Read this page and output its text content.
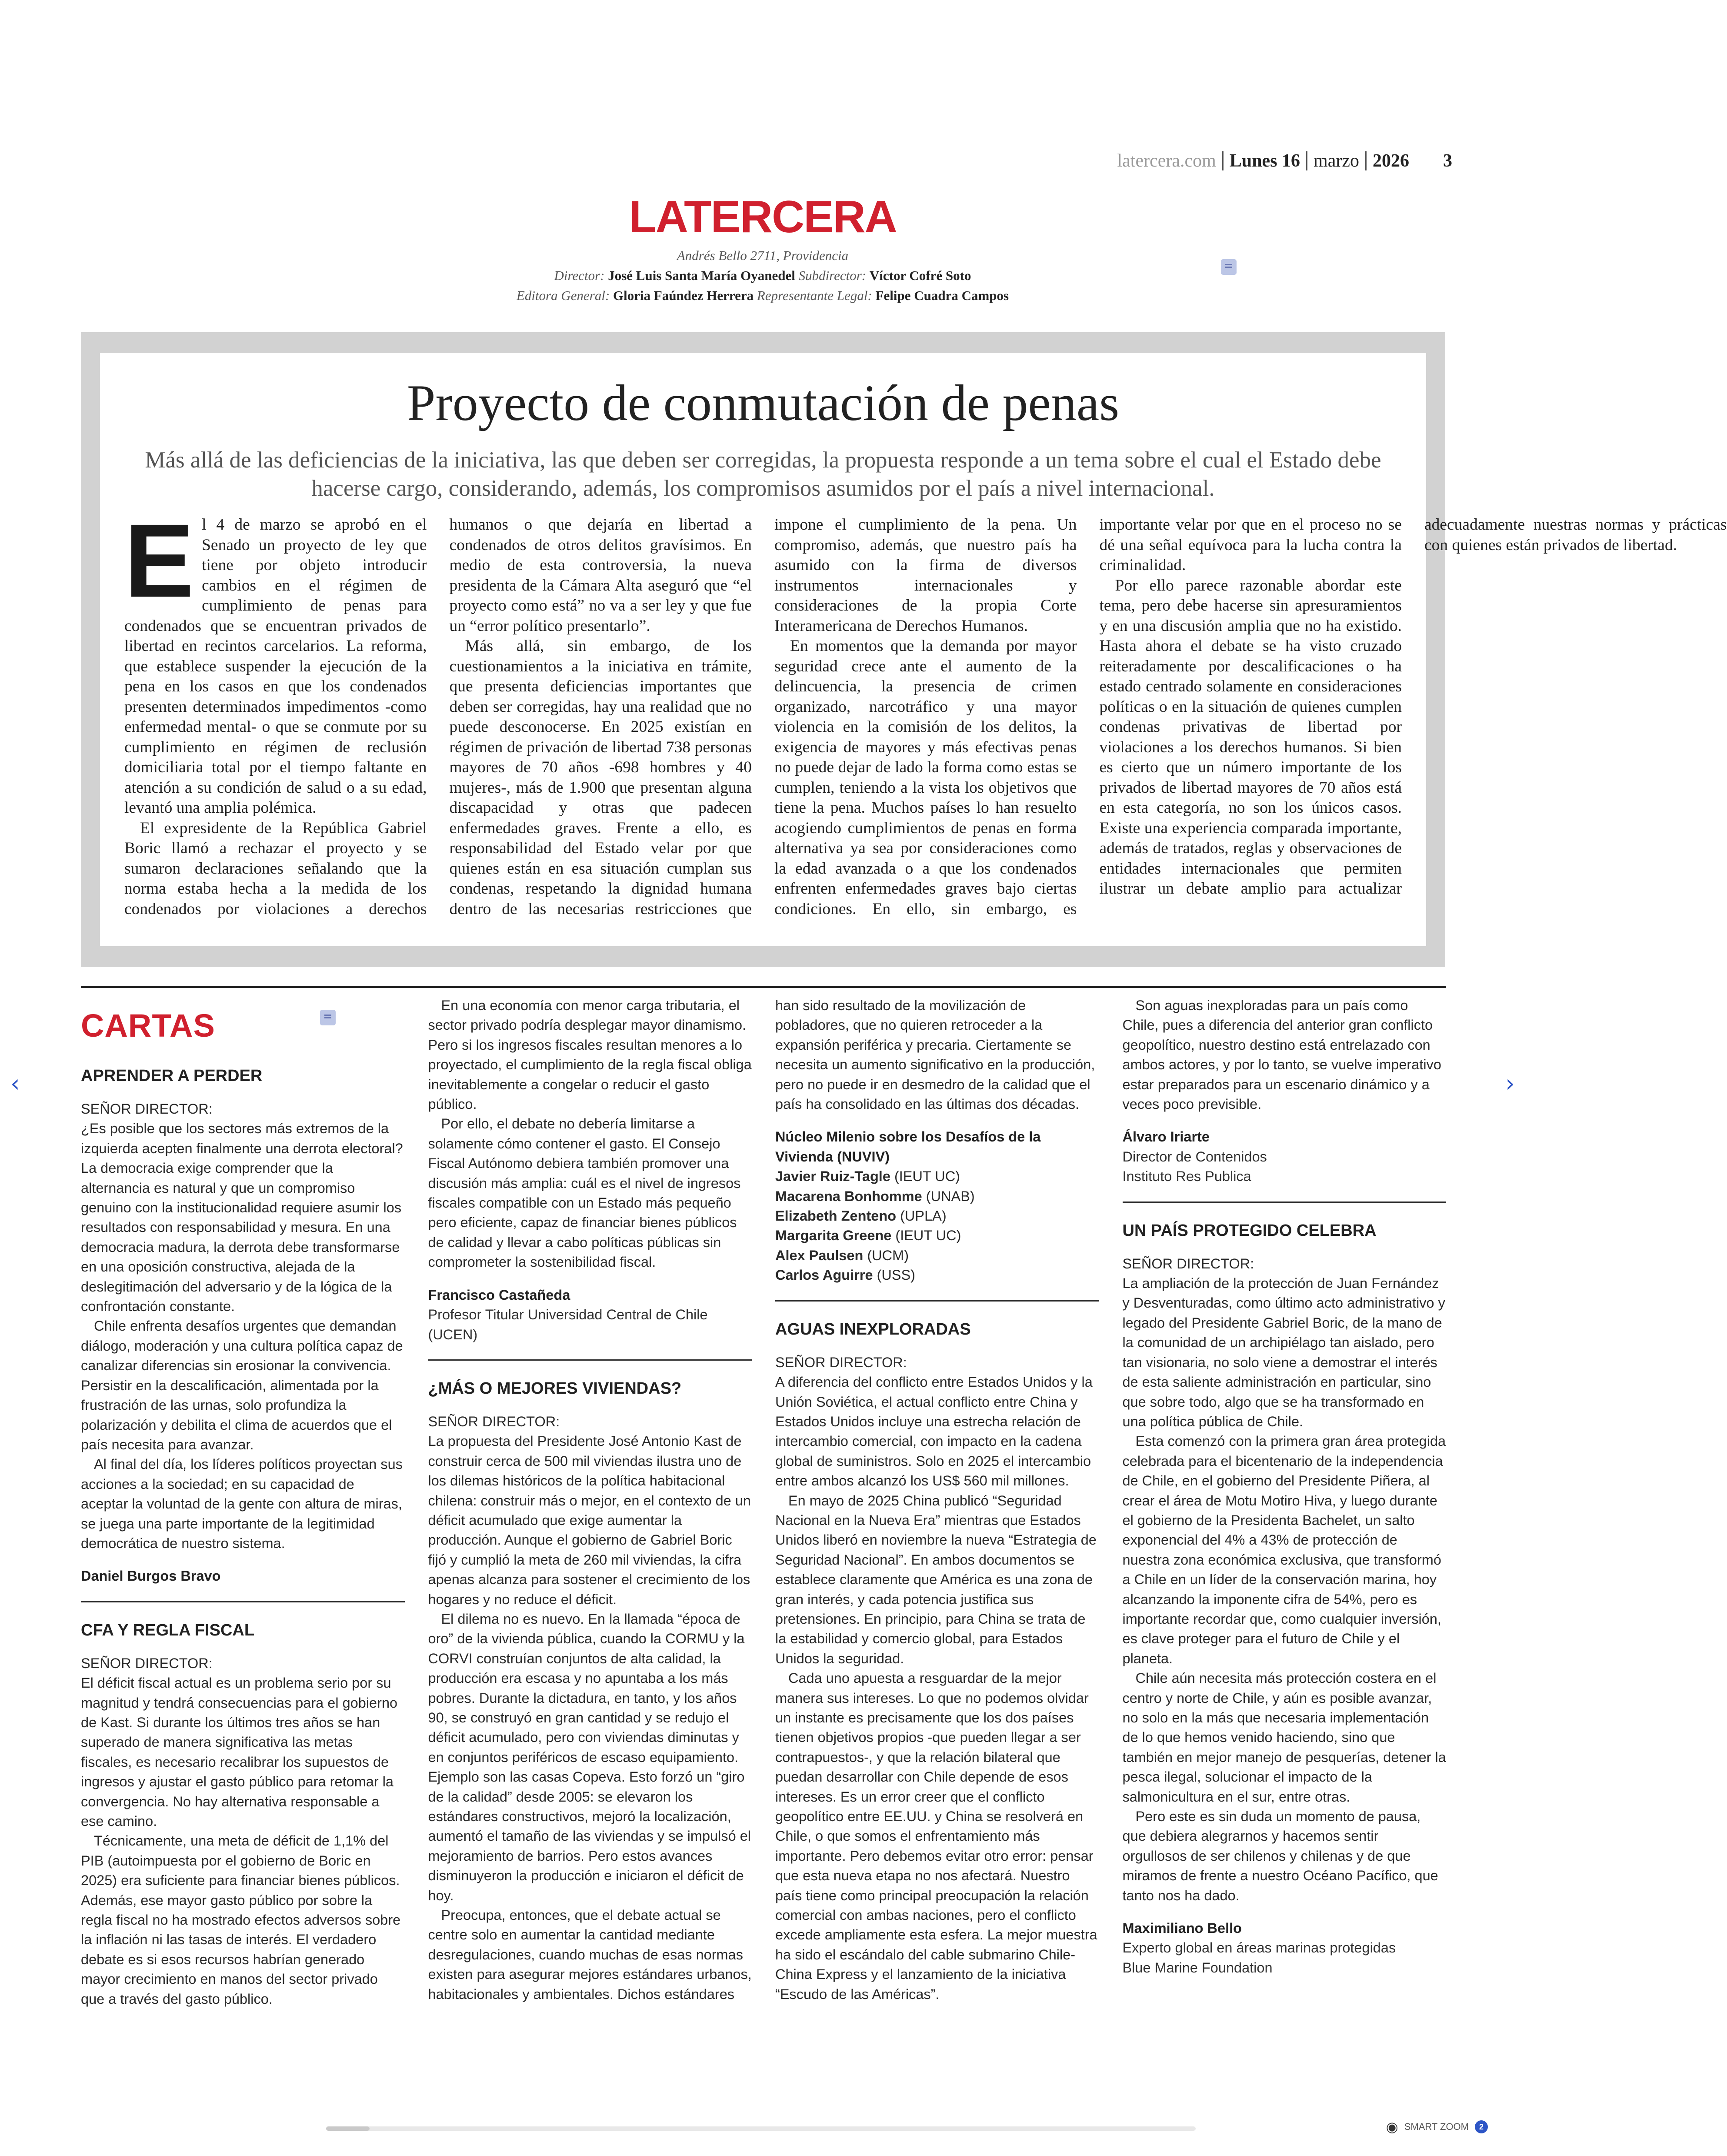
latercera.com Lunes 16 marzo 2026 3
LATERCERA
Andrés Bello 2711, Providencia
Director: José Luis Santa María Oyanedel Subdirector: Víctor Cofré Soto
Editora General: Gloria Faúndez Herrera Representante Legal: Felipe Cuadra Campos
Proyecto de conmutación de penas
Más allá de las deficiencias de la iniciativa, las que deben ser corregidas, la propuesta responde a un tema sobre el cual el Estado debe hacerse cargo, considerando, además, los compromisos asumidos por el país a nivel internacional.

El 4 de marzo se aprobó en el Senado un proyecto de ley que tiene por objeto introducir cambios en el régimen de cumplimiento de penas para condenados que se encuentran privados de libertad en recintos carcelarios. La reforma, que establece suspender la ejecución de la pena en los casos en que los condenados presenten determinados impedimentos -como enfermedad mental- o que se conmute por su cumplimiento en régimen de reclusión domiciliaria total por el tiempo faltante en atención a su condición de salud o a su edad, levantó una amplia polémica.

El expresidente de la República Gabriel Boric llamó a rechazar el proyecto y se sumaron declaraciones señalando que la norma estaba hecha a la medida de los condenados por violaciones a derechos humanos o que dejaría en libertad a condenados de otros delitos gravísimos. En medio de esta controversia, la nueva presidenta de la Cámara Alta aseguró que “el proyecto como está” no va a ser ley y que fue un “error político presentarlo”.

Más allá, sin embargo, de los cuestionamientos a la iniciativa en trámite, que presenta deficiencias importantes que deben ser corregidas, hay una realidad que no puede desconocerse. En 2025 existían en régimen de privación de libertad 738 personas mayores de 70 años -698 hombres y 40 mujeres-, más de 1.900 que presentan alguna discapacidad y otras que padecen enfermedades graves. Frente a ello, es responsabilidad del Estado velar por que quienes están en esa situación cumplan sus condenas, respetando la dignidad humana dentro de las necesarias restricciones que impone el cumplimiento de la pena. Un compromiso, además, que nuestro país ha asumido con la firma de diversos instrumentos internacionales y consideraciones de la propia Corte Interamericana de Derechos Humanos.

En momentos que la demanda por mayor seguridad crece ante el aumento de la delincuencia, la presencia de crimen organizado, narcotráfico y una mayor violencia en la comisión de los delitos, la exigencia de mayores y más efectivas penas no puede dejar de lado la forma como estas se cumplen, teniendo a la vista los objetivos que tiene la pena. Muchos países lo han resuelto acogiendo cumplimientos de penas en forma alternativa ya sea por consideraciones como la edad avanzada o a que los condenados enfrenten enfermedades graves bajo ciertas condiciones. En ello, sin embargo, es importante velar por que en el proceso no se dé una señal equívoca para la lucha contra la criminalidad.

Por ello parece razonable abordar este tema, pero debe hacerse sin apresuramientos y en una discusión amplia que no ha existido. Hasta ahora el debate se ha visto cruzado reiteradamente por descalificaciones o ha estado centrado solamente en consideraciones políticas o en la situación de quienes cumplen condenas privativas de libertad por violaciones a los derechos humanos. Si bien es cierto que un número importante de los privados de libertad mayores de 70 años está en esta categoría, no son los únicos casos. Existe una experiencia comparada importante, además de tratados, reglas y observaciones de entidades internacionales que permiten ilustrar un debate amplio para actualizar adecuadamente nuestras normas y prácticas con quienes están privados de libertad.

CARTAS
APRENDER A PERDER
SEÑOR DIRECTOR:

¿Es posible que los sectores más extremos de la izquierda acepten finalmente una derrota electoral? La democracia exige comprender que la alternancia es natural y que un compromiso genuino con la institucionalidad requiere asumir los resultados con responsabilidad y mesura. En una democracia madura, la derrota debe transformarse en una oposición constructiva, alejada de la deslegitimación del adversario y de la lógica de la confrontación constante.

Chile enfrenta desafíos urgentes que demandan diálogo, moderación y una cultura política capaz de canalizar diferencias sin erosionar la convivencia. Persistir en la descalificación, alimentada por la frustración de las urnas, solo profundiza la polarización y debilita el clima de acuerdos que el país necesita para avanzar.

Al final del día, los líderes políticos proyectan sus acciones a la sociedad; en su capacidad de aceptar la voluntad de la gente con altura de miras, se juega una parte importante de la legitimidad democrática de nuestro sistema.

Daniel Burgos Bravo
CFA Y REGLA FISCAL
SEÑOR DIRECTOR:

El déficit fiscal actual es un problema serio por su magnitud y tendrá consecuencias para el gobierno de Kast. Si durante los últimos tres años se han superado de manera significativa las metas fiscales, es necesario recalibrar los supuestos de ingresos y ajustar el gasto público para retomar la convergencia. No hay alternativa responsable a ese camino.

Técnicamente, una meta de déficit de 1,1% del PIB (autoimpuesta por el gobierno de Boric en 2025) era suficiente para financiar bienes públicos. Además, ese mayor gasto público por sobre la regla fiscal no ha mostrado efectos adversos sobre la inflación ni las tasas de interés. El verdadero debate es si esos recursos habrían generado mayor crecimiento en manos del sector privado que a través del gasto público.

En una economía con menor carga tributaria, el sector privado podría desplegar mayor dinamismo. Pero si los ingresos fiscales resultan menores a lo proyectado, el cumplimiento de la regla fiscal obliga inevitablemente a congelar o reducir el gasto público.

Por ello, el debate no debería limitarse a solamente cómo contener el gasto. El Consejo Fiscal Autónomo debiera también promover una discusión más amplia: cuál es el nivel de ingresos fiscales compatible con un Estado más pequeño pero eficiente, capaz de financiar bienes públicos de calidad y llevar a cabo políticas públicas sin comprometer la sostenibilidad fiscal.

Francisco Castañeda
Profesor Titular Universidad Central de Chile (UCEN)
¿MÁS O MEJORES VIVIENDAS?
SEÑOR DIRECTOR:

La propuesta del Presidente José Antonio Kast de construir cerca de 500 mil viviendas ilustra uno de los dilemas históricos de la política habitacional chilena: construir más o mejor, en el contexto de un déficit acumulado que exige aumentar la producción. Aunque el gobierno de Gabriel Boric fijó y cumplió la meta de 260 mil viviendas, la cifra apenas alcanza para sostener el crecimiento de los hogares y no reduce el déficit.

El dilema no es nuevo. En la llamada “época de oro” de la vivienda pública, cuando la CORMU y la CORVI construían conjuntos de alta calidad, la producción era escasa y no apuntaba a los más pobres. Durante la dictadura, en tanto, y los años 90, se construyó en gran cantidad y se redujo el déficit acumulado, pero con viviendas diminutas y en conjuntos periféricos de escaso equipamiento. Ejemplo son las casas Copeva. Esto forzó un “giro de la calidad” desde 2005: se elevaron los estándares constructivos, mejoró la localización, aumentó el tamaño de las viviendas y se impulsó el mejoramiento de barrios. Pero estos avances disminuyeron la producción e iniciaron el déficit de hoy.

Preocupa, entonces, que el debate actual se centre solo en aumentar la cantidad mediante desregulaciones, cuando muchas de esas normas existen para asegurar mejores estándares urbanos, habitacionales y ambientales. Dichos estándares han sido resultado de la movilización de pobladores, que no quieren retroceder a la expansión periférica y precaria. Ciertamente se necesita un aumento significativo en la producción, pero no puede ir en desmedro de la calidad que el país ha consolidado en las últimas dos décadas.

Núcleo Milenio sobre los Desafíos de la Vivienda (NUVIV)
Javier Ruiz-Tagle (IEUT UC)
Macarena Bonhomme (UNAB)
Elizabeth Zenteno (UPLA)
Margarita Greene (IEUT UC)
Alex Paulsen (UCM)
Carlos Aguirre (USS)
AGUAS INEXPLORADAS
SEÑOR DIRECTOR:

A diferencia del conflicto entre Estados Unidos y la Unión Soviética, el actual conflicto entre China y Estados Unidos incluye una estrecha relación de intercambio comercial, con impacto en la cadena global de suministros. Solo en 2025 el intercambio entre ambos alcanzó los US$ 560 mil millones.

En mayo de 2025 China publicó “Seguridad Nacional en la Nueva Era” mientras que Estados Unidos liberó en noviembre la nueva “Estrategia de Seguridad Nacional”. En ambos documentos se establece claramente que América es una zona de gran interés, y cada potencia justifica sus pretensiones. En principio, para China se trata de la estabilidad y comercio global, para Estados Unidos la seguridad.

Cada uno apuesta a resguardar de la mejor manera sus intereses. Lo que no podemos olvidar un instante es precisamente que los dos países tienen objetivos propios -que pueden llegar a ser contrapuestos-, y que la relación bilateral que puedan desarrollar con Chile depende de esos intereses. Es un error creer que el conflicto geopolítico entre EE.UU. y China se resolverá en Chile, o que somos el enfrentamiento más importante. Pero debemos evitar otro error: pensar que esta nueva etapa no nos afectará. Nuestro país tiene como principal preocupación la relación comercial con ambas naciones, pero el conflicto excede ampliamente esta esfera. La mejor muestra ha sido el escándalo del cable submarino Chile-China Express y el lanzamiento de la iniciativa “Escudo de las Américas”.

Son aguas inexploradas para un país como Chile, pues a diferencia del anterior gran conflicto geopolítico, nuestro destino está entrelazado con ambos actores, y por lo tanto, se vuelve imperativo estar preparados para un escenario dinámico y a veces poco previsible.

Álvaro Iriarte
Director de Contenidos
Instituto Res Publica
UN PAÍS PROTEGIDO CELEBRA
SEÑOR DIRECTOR:

La ampliación de la protección de Juan Fernández y Desventuradas, como último acto administrativo y legado del Presidente Gabriel Boric, de la mano de la comunidad de un archipiélago tan aislado, pero tan visionaria, no solo viene a demostrar el interés de esta saliente administración en particular, sino que sobre todo, algo que se ha transformado en una política pública de Chile.

Esta comenzó con la primera gran área protegida celebrada para el bicentenario de la independencia de Chile, en el gobierno del Presidente Piñera, al crear el área de Motu Motiro Hiva, y luego durante el gobierno de la Presidenta Bachelet, un salto exponencial del 4% a 43% de protección de nuestra zona económica exclusiva, que transformó a Chile en un líder de la conservación marina, hoy alcanzando la imponente cifra de 54%, pero es importante recordar que, como cualquier inversión, es clave proteger para el futuro de Chile y el planeta.

Chile aún necesita más protección costera en el centro y norte de Chile, y aún es posible avanzar, no solo en la más que necesaria implementación de lo que hemos venido haciendo, sino que también en mejor manejo de pesquerías, detener la pesca ilegal, solucionar el impacto de la salmonicultura en el sur, entre otras.

Pero este es sin duda un momento de pausa, que debiera alegrarnos y hacemos sentir orgullosos de ser chilenos y chilenas y de que miramos de frente a nuestro Océano Pacífico, que tanto nos ha dado.

Maximiliano Bello
Experto global en áreas marinas protegidas
Blue Marine Foundation
‹	›
◉ SMART ZOOM	2
